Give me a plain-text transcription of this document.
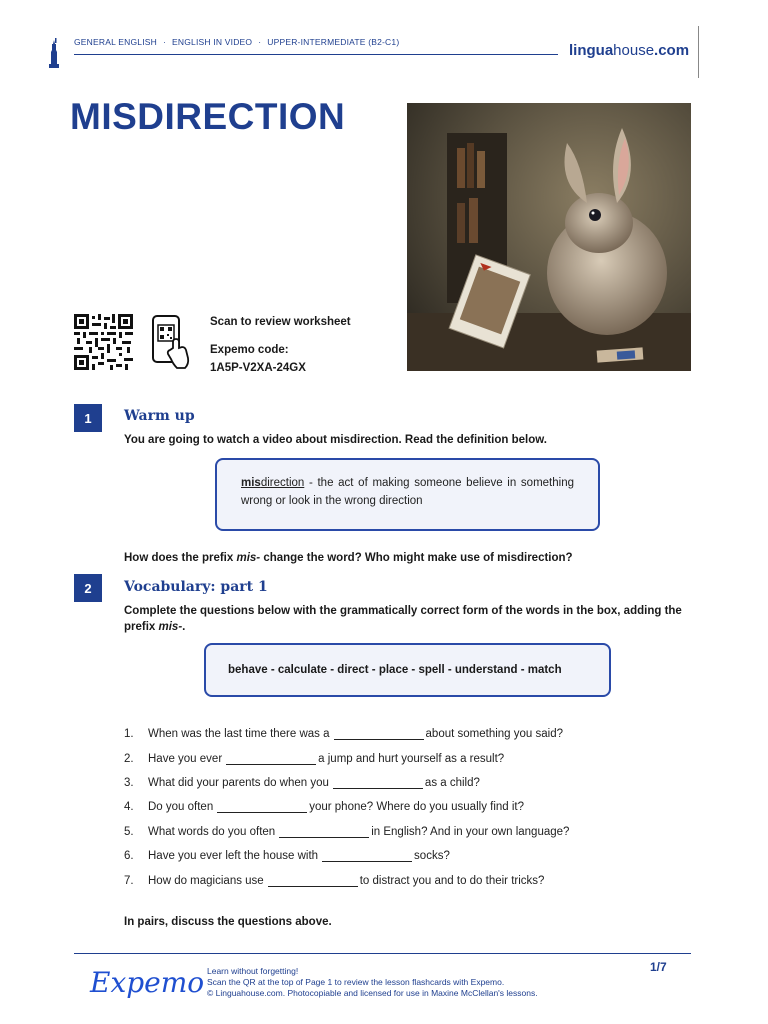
GENERAL ENGLISH · ENGLISH IN VIDEO · UPPER-INTERMEDIATE (B2-C1)	linguahouse.com
MISDIRECTION
Scan to review worksheet
Expemo code:
1A5P-V2XA-24GX
1	Warm up
You are going to watch a video about misdirection. Read the definition below.
misdirection - the act of making someone believe in something wrong or look in the wrong direction
How does the prefix mis- change the word? Who might make use of misdirection?
2	Vocabulary: part 1
Complete the questions below with the grammatically correct form of the words in the box, adding the prefix mis-.
behave - calculate - direct - place - spell - understand - match
1.	When was the last time there was a	about something you said?
2.	Have you ever	a jump and hurt yourself as a result?
3.	What did your parents do when you	as a child?
4.	Do you often	your phone? Where do you usually find it?
5.	What words do you often	in English? And in your own language?
6.	Have you ever left the house with	socks?
7.	How do magicians use	to distract you and to do their tricks?
In pairs, discuss the questions above.
Expemo Learn without forgetting!
Scan the QR at the top of Page 1 to review the lesson flashcards with Expemo.
© Linguahouse.com. Photocopiable and licensed for use in Maxine McClellan's lessons.
1/7
